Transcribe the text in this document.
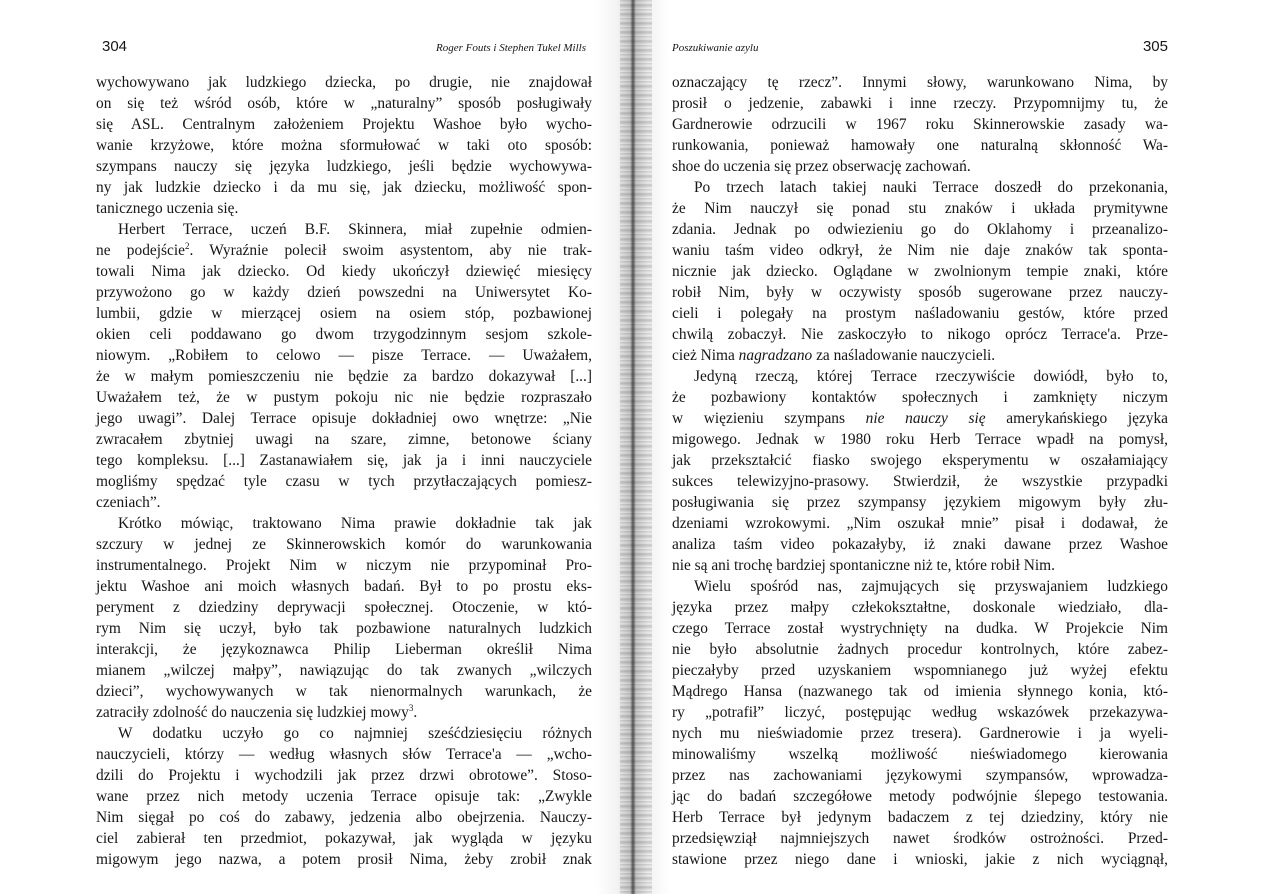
304	Roger Fouts i Stephen Tukel Mills
wychowywano jak ludzkiego dziecka, po drugie, nie znajdował
on się też wśród osób, które w „naturalny” sposób posługiwały
się ASL. Centralnym założeniem Projektu Washoe było wycho-
wanie krzyżowe, które można sformułować w taki oto sposób:
szympans nauczy się języka ludzkiego, jeśli będzie wychowywa-
ny jak ludzkie dziecko i da mu się, jak dziecku, możliwość spon-
tanicznego uczenia się.
Herbert Terrace, uczeń B.F. Skinnera, miał zupełnie odmien-
ne podejście$^2$. Wyraźnie polecił swoim asystentom, aby nie trak-
towali Nima jak dziecko. Od kiedy ukończył dziewięć miesięcy
przywożono go w każdy dzień powszedni na Uniwersytet Ko-
lumbii, gdzie w mierzącej osiem na osiem stóp, pozbawionej
okien celi poddawano go dwom trzygodzinnym sesjom szkole-
niowym. „Robiłem to celowo — pisze Terrace. — Uważałem,
że w małym pomieszczeniu nie będzie za bardzo dokazywał [...]
Uważałem też, że w pustym pokoju nic nie będzie rozpraszało
jego uwagi”. Dalej Terrace opisuje dokładniej owo wnętrze: „Nie
zwracałem zbytniej uwagi na szare, zimne, betonowe ściany
tego kompleksu. [...] Zastanawiałem się, jak ja i inni nauczyciele
mogliśmy spędzać tyle czasu w tych przytłaczających pomiesz-
czeniach”.
Krótko mówiąc, traktowano Nima prawie dokładnie tak jak
szczury w jednej ze Skinnerowskich komór do warunkowania
instrumentalnego. Projekt Nim w niczym nie przypominał Pro-
jektu Washoe ani moich własnych badań. Był to po prostu eks-
peryment z dziedziny deprywacji społecznej. Otoczenie, w któ-
rym Nim się uczył, było tak pozbawione naturalnych ludzkich
interakcji, że językoznawca Philip Lieberman określił Nima
mianem „wilczej małpy”, nawiązując do tak zwanych „wilczych
dzieci”, wychowywanych w tak nienormalnych warunkach, że
zatraciły zdolność do nauczenia się ludzkiej mowy$^3$.
W dodatku uczyło go co najmniej sześćdziesięciu różnych
nauczycieli, którzy — według własnych słów Terrace'a — „wcho-
dzili do Projektu i wychodzili jak przez drzwi obrotowe”. Stoso-
wane przez nich metody uczenia Terrace opisuje tak: „Zwykle
Nim sięgał po coś do zabawy, jedzenia albo obejrzenia. Nauczy-
ciel zabierał ten przedmiot, pokazywał, jak wygląda w języku
migowym jego nazwa, a potem prosił Nima, żeby zrobił znak
Poszukiwanie azylu	305
oznaczający tę rzecz”. Innymi słowy, warunkowano Nima, by
prosił o jedzenie, zabawki i inne rzeczy. Przypomnijmy tu, że
Gardnerowie odrzucili w 1967 roku Skinnerowskie zasady wa-
runkowania, ponieważ hamowały one naturalną skłonność Wa-
shoe do uczenia się przez obserwację zachowań.
Po trzech latach takiej nauki Terrace doszedł do przekonania,
że Nim nauczył się ponad stu znaków i układa prymitywne
zdania. Jednak po odwiezieniu go do Oklahomy i przeanalizo-
waniu taśm video odkrył, że Nim nie daje znaków tak sponta-
nicznie jak dziecko. Oglądane w zwolnionym tempie znaki, które
robił Nim, były w oczywisty sposób sugerowane przez nauczy-
cieli i polegały na prostym naśladowaniu gestów, które przed
chwilą zobaczył. Nie zaskoczyło to nikogo oprócz Terrace'a. Prze-
cież Nima nagradzano za naśladowanie nauczycieli.
Jedyną rzeczą, której Terrace rzeczywiście dowiódł, było to,
że pozbawiony kontaktów społecznych i zamknięty niczym
w więzieniu szympans nie nauczy się amerykańskiego języka
migowego. Jednak w 1980 roku Herb Terrace wpadł na pomysł,
jak przekształcić fiasko swojego eksperymentu w oszałamiający
sukces telewizyjno-prasowy. Stwierdził, że wszystkie przypadki
posługiwania się przez szympansy językiem migowym były złu-
dzeniami wzrokowymi. „Nim oszukał mnie” pisał i dodawał, że
analiza taśm video pokazałyby, iż znaki dawane przez Washoe
nie są ani trochę bardziej spontaniczne niż te, które robił Nim.
Wielu spośród nas, zajmujących się przyswajaniem ludzkiego
języka przez małpy człekokształtne, doskonale wiedziało, dla-
czego Terrace został wystrychnięty na dudka. W Projekcie Nim
nie było absolutnie żadnych procedur kontrolnych, które zabez-
pieczałyby przed uzyskaniem wspomnianego już wyżej efektu
Mądrego Hansa (nazwanego tak od imienia słynnego konia, któ-
ry „potrafił” liczyć, postępując według wskazówek przekazywa-
nych mu nieświadomie przez tresera). Gardnerowie i ja wyeli-
minowaliśmy wszelką możliwość nieświadomego kierowania
przez nas zachowaniami językowymi szympansów, wprowadza-
jąc do badań szczegółowe metody podwójnie ślepego testowania.
Herb Terrace był jedynym badaczem z tej dziedziny, który nie
przedsięwziął najmniejszych nawet środków ostrożności. Przed-
stawione przez niego dane i wnioski, jakie z nich wyciągnął,
